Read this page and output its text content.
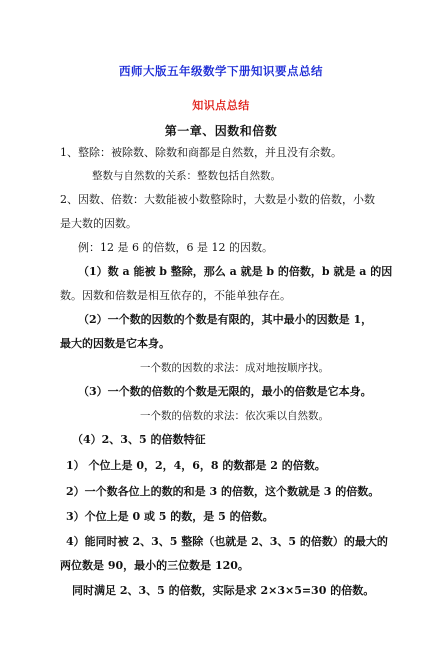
西师大版五年级数学下册知识要点总结
知识点总结
第一章、因数和倍数
1、整除：被除数、除数和商都是自然数，并且没有余数。
整数与自然数的关系：整数包括自然数。
2、因数、倍数：大数能被小数整除时，大数是小数的倍数，小数
是大数的因数。
例：12 是 6 的倍数，6 是 12 的因数。
（1）数 a 能被 b 整除，那么 a 就是 b 的倍数，b 就是 a 的因
数。因数和倍数是相互依存的，不能单独存在。
（2）一个数的因数的个数是有限的，其中最小的因数是 1，
最大的因数是它本身。
一个数的因数的求法：成对地按顺序找。
（3）一个数的倍数的个数是无限的，最小的倍数是它本身。
一个数的倍数的求法：依次乘以自然数。
（4）2、3、5 的倍数特征
1） 个位上是 0，2，4，6，8 的数都是 2 的倍数。
2）一个数各位上的数的和是 3 的倍数，这个数就是 3 的倍数。
3）个位上是 0 或 5 的数，是 5 的倍数。
4）能同时被 2、3、5 整除（也就是 2、3、5 的倍数）的最大的
两位数是 90，最小的三位数是 120。
同时满足 2、3、5 的倍数，实际是求 2×3×5=30 的倍数。
